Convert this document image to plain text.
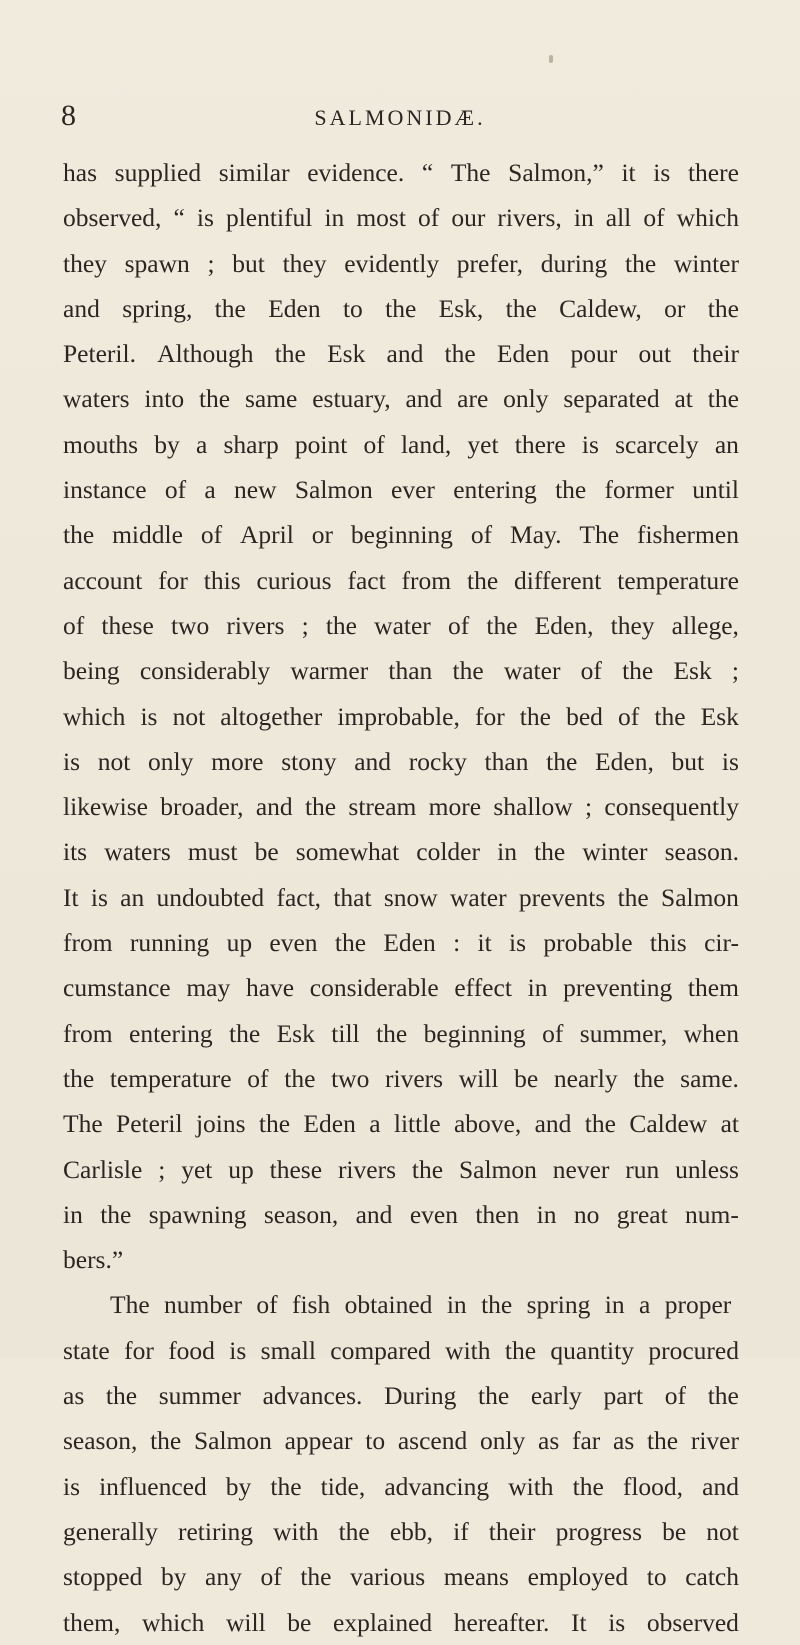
8	SALMONIDÆ.
has supplied similar evidence. “ The Salmon,” it is there
observed, “ is plentiful in most of our rivers, in all of which
they spawn ; but they evidently prefer, during the winter
and spring, the Eden to the Esk, the Caldew, or the
Peteril. Although the Esk and the Eden pour out their
waters into the same estuary, and are only separated at the
mouths by a sharp point of land, yet there is scarcely an
instance of a new Salmon ever entering the former until
the middle of April or beginning of May. The fishermen
account for this curious fact from the different temperature
of these two rivers ; the water of the Eden, they allege,
being considerably warmer than the water of the Esk ;
which is not altogether improbable, for the bed of the Esk
is not only more stony and rocky than the Eden, but is
likewise broader, and the stream more shallow ; consequently
its waters must be somewhat colder in the winter season.
It is an undoubted fact, that snow water prevents the Salmon
from running up even the Eden : it is probable this cir-
cumstance may have considerable effect in preventing them
from entering the Esk till the beginning of summer, when
the temperature of the two rivers will be nearly the same.
The Peteril joins the Eden a little above, and the Caldew at
Carlisle ; yet up these rivers the Salmon never run unless
in the spawning season, and even then in no great num-
bers.”
The number of fish obtained in the spring in a proper
state for food is small compared with the quantity procured
as the summer advances. During the early part of the
season, the Salmon appear to ascend only as far as the river
is influenced by the tide, advancing with the flood, and
generally retiring with the ebb, if their progress be not
stopped by any of the various means employed to catch
them, which will be explained hereafter. It is observed
